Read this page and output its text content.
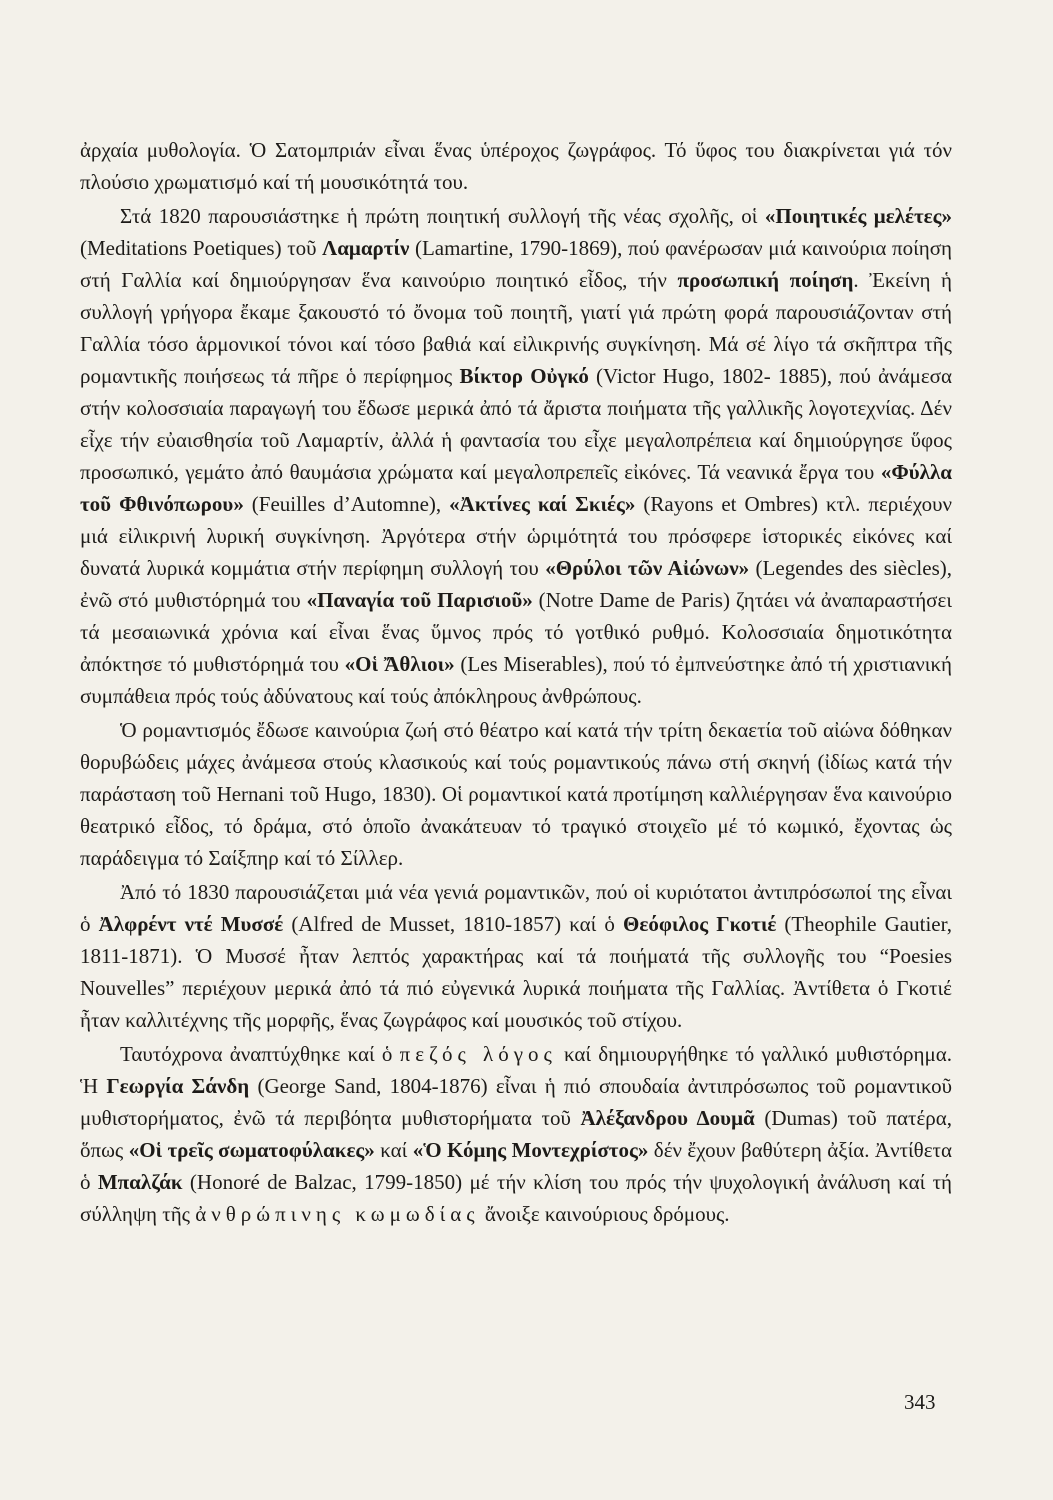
ἀρχαία μυθολογία. Ὁ Σατομπριάν εἶναι ἕνας ὑπέροχος ζωγράφος. Τό ὕφος του διακρίνεται γιά τόν πλούσιο χρωματισμό καί τή μουσικότητά του.

Στά 1820 παρουσιάστηκε ἡ πρώτη ποιητική συλλογή τῆς νέας σχολῆς, οἱ «Ποιητικές μελέτες» (Meditations Poetiques) τοῦ Λαμαρτίν (Lamartine, 1790-1869), πού φανέρωσαν μιά καινούρια ποίηση στή Γαλλία καί δημιούργησαν ἕνα καινούριο ποιητικό εἶδος, τήν προσωπική ποίηση. Ἐκείνη ἡ συλλογή γρήγορα ἔκαμε ξακουστό τό ὄνομα τοῦ ποιητῆ, γιατί γιά πρώτη φορά παρουσιάζονταν στή Γαλλία τόσο ἁρμονικοί τόνοι καί τόσο βαθιά καί εἰλικρινής συγκίνηση. Μά σέ λίγο τά σκῆπτρα τῆς ρομαντικῆς ποιήσεως τά πῆρε ὁ περίφημος Βίκτορ Οὐγκό (Victor Hugo, 1802- 1885), πού ἀνάμεσα στήν κολοσσιαία παραγωγή του ἔδωσε μερικά ἀπό τά ἄριστα ποιήματα τῆς γαλλικῆς λογοτεχνίας. Δέν εἶχε τήν εὐαισθησία τοῦ Λαμαρτίν, ἀλλά ἡ φαντασία του εἶχε μεγαλοπρέπεια καί δημιούργησε ὕφος προσωπικό, γεμάτο ἀπό θαυμάσια χρώματα καί μεγαλοπρεπεῖς εἰκόνες. Τά νεανικά ἔργα του «Φύλλα τοῦ Φθινόπωρου» (Feuilles d’Automne), «Ἀκτίνες καί Σκιές» (Rayons et Ombres) κτλ. περιέχουν μιά εἰλικρινή λυρική συγκίνηση. Ἀργότερα στήν ὡριμότητά του πρόσφερε ἱστορικές εἰκόνες καί δυνατά λυρικά κομμάτια στήν περίφημη συλλογή του «Θρύλοι τῶν Αἰώνων» (Legendes des siècles), ἐνῶ στό μυθιστόρημά του «Παναγία τοῦ Παρισιοῦ» (Notre Dame de Paris) ζητάει νά ἀναπαραστήσει τά μεσαιωνικά χρόνια καί εἶναι ἕνας ὕμνος πρός τό γοτθικό ρυθμό. Κολοσσιαία δημοτικότητα ἀπόκτησε τό μυθιστόρημά του «Οἱ Ἄθλιοι» (Les Miserables), πού τό ἐμπνεύστηκε ἀπό τή χριστιανική συμπάθεια πρός τούς ἀδύνατους καί τούς ἀπόκληρους ἀνθρώπους.

Ὁ ρομαντισμός ἔδωσε καινούρια ζωή στό θέατρο καί κατά τήν τρίτη δεκαετία τοῦ αἰώνα δόθηκαν θορυβώδεις μάχες ἀνάμεσα στούς κλασικούς καί τούς ρομαντικούς πάνω στή σκηνή (ἰδίως κατά τήν παράσταση τοῦ Hernani τοῦ Hugo, 1830). Οἱ ρομαντικοί κατά προτίμηση καλλιέργησαν ἕνα καινούριο θεατρικό εἶδος, τό δράμα, στό ὁποῖο ἀνακάτευαν τό τραγικό στοιχεῖο μέ τό κωμικό, ἔχοντας ὡς παράδειγμα τό Σαίξπηρ καί τό Σίλλερ.

Ἀπό τό 1830 παρουσιάζεται μιά νέα γενιά ρομαντικῶν, πού οἱ κυριότατοι ἀντιπρόσωποί της εἶναι ὁ Ἀλφρέντ ντέ Μυσσέ (Alfred de Musset, 1810-1857) καί ὁ Θεόφιλος Γκοτιέ (Theophile Gautier, 1811-1871). Ὁ Μυσσέ ἦταν λεπτός χαρακτήρας καί τά ποιήματά τῆς συλλογῆς του “Poesies Nouvelles” περιέχουν μερικά ἀπό τά πιό εὐγενικά λυρικά ποιήματα τῆς Γαλλίας. Ἀντίθετα ὁ Γκοτιέ ἦταν καλλιτέχνης τῆς μορφῆς, ἕνας ζωγράφος καί μουσικός τοῦ στίχου.

Ταυτόχρονα ἀναπτύχθηκε καί ὁ πεζός λόγος καί δημιουργήθηκε τό γαλλικό μυθιστόρημα. Ἡ Γεωργία Σάνδη (George Sand, 1804-1876) εἶναι ἡ πιό σπουδαία ἀντιπρόσωπος τοῦ ρομαντικοῦ μυθιστορήματος, ἐνῶ τά περιβόητα μυθιστορήματα τοῦ Ἀλέξανδρου Δουμᾶ (Dumas) τοῦ πατέρα, ὅπως «Οἱ τρεῖς σωματοφύλακες» καί «Ὁ Κόμης Μοντεχρίστος» δέν ἔχουν βαθύτερη ἀξία. Ἀντίθετα ὁ Μπαλζάκ (Honoré de Balzac, 1799-1850) μέ τήν κλίση του πρός τήν ψυχολογική ἀνάλυση καί τή σύλληψη τῆς ἀνθρώπινης κωμωδίας ἄνοιξε καινούριους δρόμους.

343
